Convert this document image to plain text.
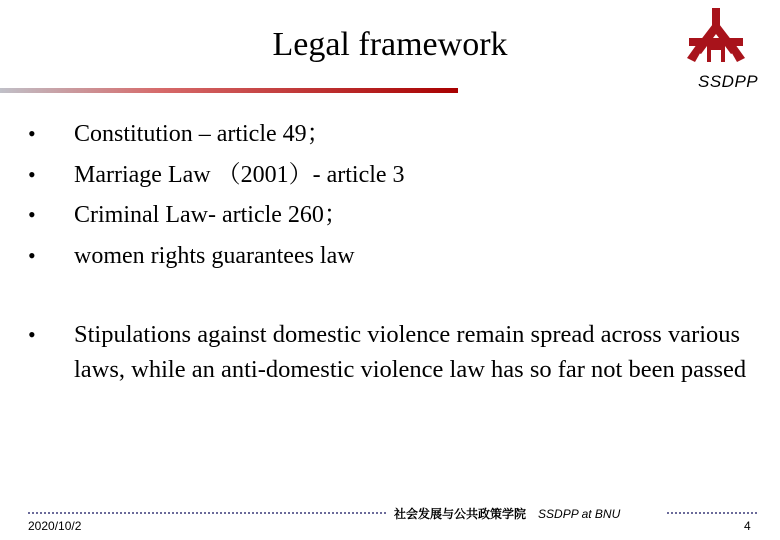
Legal framework
SSDPP
• Constitution – article 49；
• Marriage Law （2001）- article 3
• Criminal Law- article 260；
• women rights guarantees law
• Stipulations against domestic violence remain spread across various laws, while an anti-domestic violence law has so far not been passed
社会发展与公共政策学院 SSDPP at BNU
2020/10/2	4
